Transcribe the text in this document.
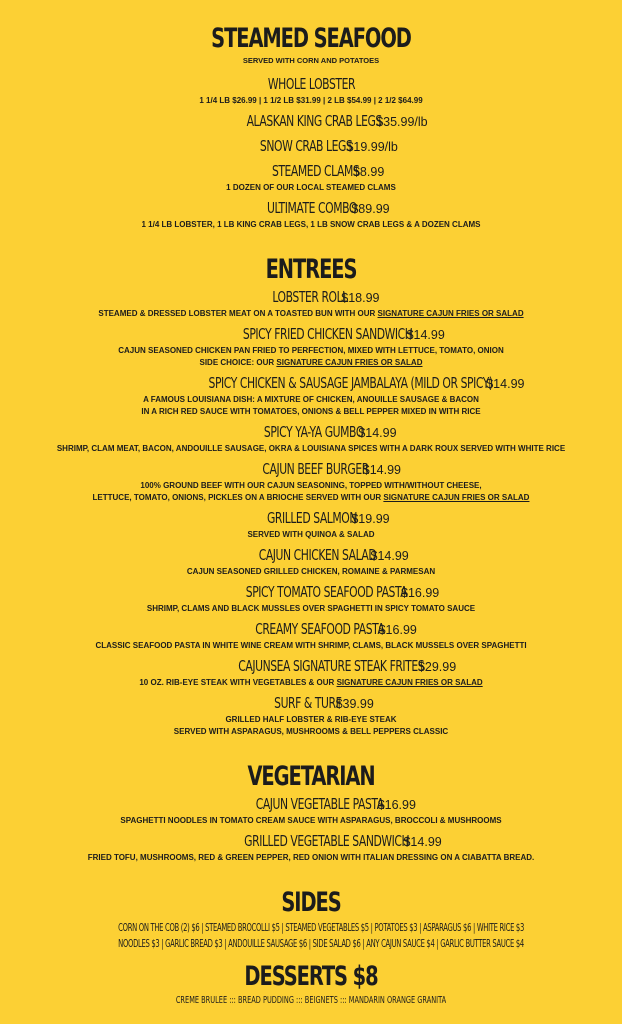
STEAMED SEAFOOD
SERVED WITH CORN AND POTATOES
WHOLE LOBSTER
1 1/4 LB $26.99 | 1 1/2 LB $31.99 | 2 LB $54.99 | 2 1/2 $64.99
ALASKAN KING CRAB LEGS$35.99/lb
SNOW CRAB LEGS$19.99/lb
STEAMED CLAMS$8.99
1 DOZEN OF OUR LOCAL STEAMED CLAMS
ULTIMATE COMBO$89.99
1 1/4 LB LOBSTER, 1 LB KING CRAB LEGS, 1 LB SNOW CRAB LEGS & A DOZEN CLAMS
ENTREES
LOBSTER ROLL$18.99
STEAMED & DRESSED LOBSTER MEAT ON A TOASTED BUN WITH OUR SIGNATURE CAJUN FRIES OR SALAD
SPICY FRIED CHICKEN SANDWICH$14.99
CAJUN SEASONED CHICKEN PAN FRIED TO PERFECTION, MIXED WITH LETTUCE, TOMATO, ONION
SIDE CHOICE: OUR SIGNATURE CAJUN FRIES OR SALAD
SPICY CHICKEN & SAUSAGE JAMBALAYA (MILD OR SPICY)$14.99
A FAMOUS LOUISIANA DISH: A MIXTURE OF CHICKEN, ANOUILLE SAUSAGE & BACON
IN A RICH RED SAUCE WITH TOMATOES, ONIONS & BELL PEPPER MIXED IN WITH RICE
SPICY YA-YA GUMBO$14.99
SHRIMP, CLAM MEAT, BACON, ANDOUILLE SAUSAGE, OKRA & LOUISIANA SPICES WITH A DARK ROUX SERVED WITH WHITE RICE
CAJUN BEEF BURGER$14.99
100% GROUND BEEF WITH OUR CAJUN SEASONING, TOPPED WITH/WITHOUT CHEESE,
LETTUCE, TOMATO, ONIONS, PICKLES ON A BRIOCHE SERVED WITH OUR SIGNATURE CAJUN FRIES OR SALAD
GRILLED SALMON$19.99
SERVED WITH QUINOA & SALAD
CAJUN CHICKEN SALAD$14.99
CAJUN SEASONED GRILLED CHICKEN, ROMAINE & PARMESAN
SPICY TOMATO SEAFOOD PASTA$16.99
SHRIMP, CLAMS AND BLACK MUSSLES OVER SPAGHETTI IN SPICY TOMATO SAUCE
CREAMY SEAFOOD PASTA$16.99
CLASSIC SEAFOOD PASTA IN WHITE WINE CREAM WITH SHRIMP, CLAMS, BLACK MUSSELS OVER SPAGHETTI
CAJUNSEA SIGNATURE STEAK FRITES$29.99
10 OZ. RIB-EYE STEAK WITH VEGETABLES & OUR SIGNATURE CAJUN FRIES OR SALAD
SURF & TURF$39.99
GRILLED HALF LOBSTER & RIB-EYE STEAK
SERVED WITH ASPARAGUS, MUSHROOMS & BELL PEPPERS CLASSIC
VEGETARIAN
CAJUN VEGETABLE PASTA$16.99
SPAGHETTI NOODLES IN TOMATO CREAM SAUCE WITH ASPARAGUS, BROCCOLI & MUSHROOMS
GRILLED VEGETABLE SANDWICH$14.99
FRIED TOFU, MUSHROOMS, RED & GREEN PEPPER, RED ONION WITH ITALIAN DRESSING ON A CIABATTA BREAD.
SIDES
CORN ON THE COB (2) $6 | STEAMED BROCOLLI $5 | STEAMED VEGETABLES $5 | POTATOES $3 | ASPARAGUS $6 | WHITE RICE $3
NOODLES $3 | GARLIC BREAD $3 | ANDOUILLE SAUSAGE $6 | SIDE SALAD $6 | ANY CAJUN SAUCE $4 | GARLIC BUTTER SAUCE $4
DESSERTS $8
CREME BRULEE ::: BREAD PUDDING ::: BEIGNETS ::: MANDARIN ORANGE GRANITA
